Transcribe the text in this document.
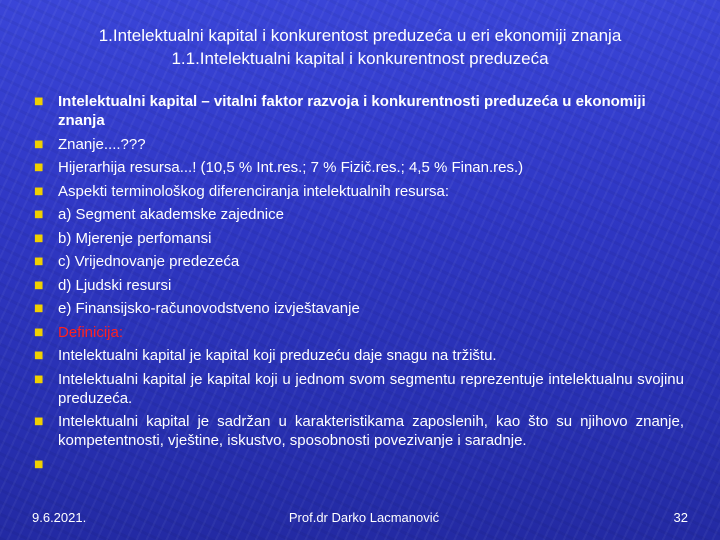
1.Intelektualni kapital i konkurentost preduzeća u eri ekonomiji znanja
1.1.Intelektualni kapital i konkurentnost preduzeća
■ Intelektualni kapital – vitalni faktor razvoja i konkurentnosti preduzeća u ekonomiji znanja
■ Znanje....???
■ Hijerarhija resursa...! (10,5 % Int.res.; 7 % Fizič.res.; 4,5 % Finan.res.)
■ Aspekti terminološkog diferenciranja intelektualnih resursa:
■ a) Segment akademske zajednice
■ b) Mjerenje perfomansi
■ c) Vrijednovanje predezeća
■ d) Ljudski resursi
■ e) Finansijsko-računovodstveno izvještavanje
■ Definicija:
■ Intelektualni kapital je kapital koji preduzeću daje snagu na tržištu.
■ Intelektualni kapital je kapital koji u jednom svom segmentu reprezentuje intelektualnu svojinu preduzeća.
■ Intelektualni kapital je sadržan u karakteristikama zaposlenih, kao što su njihovo znanje, kompetentnosti, vještine, iskustvo, sposobnosti povezivanje i saradnje.
■
9.6.2021.	Prof.dr Darko Lacmanović	32
